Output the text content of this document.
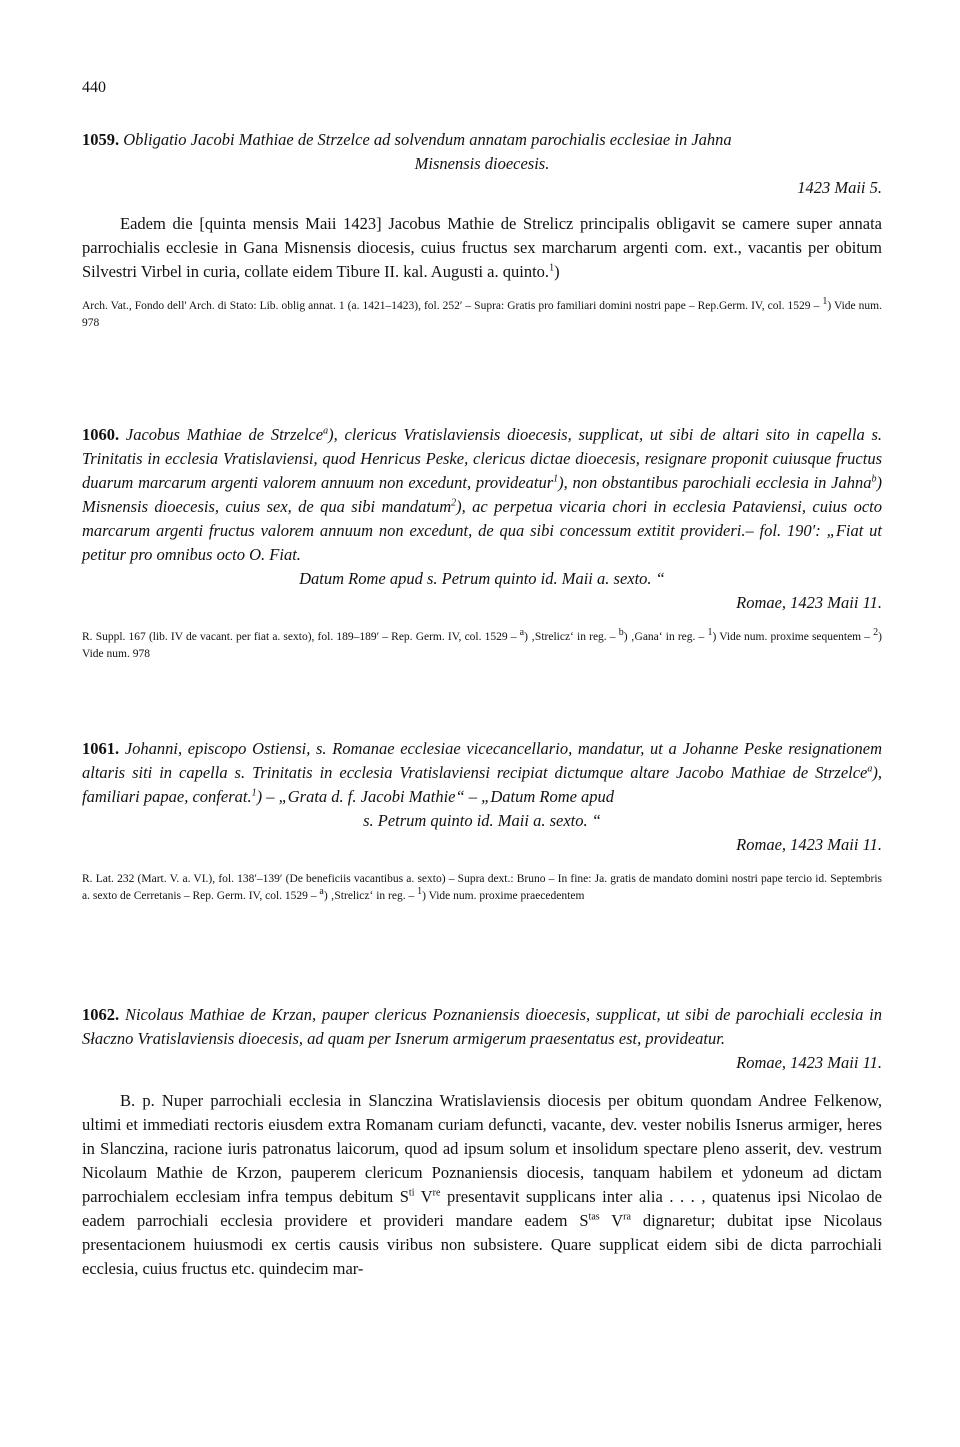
440

1059. Obligatio Jacobi Mathiae de Strzelce ad solvendum annatam parochialis ecclesiae in Jahna

Misnensis dioecesis.

1423 Maii 5.

Eadem die [quinta mensis Maii 1423] Jacobus Mathie de Strelicz principalis obligavit se camere super annata parrochialis ecclesie in Gana Misnensis diocesis, cuius fructus sex marcharum argenti com. ext., vacantis per obitum Silvestri Virbel in curia, collate eidem Tibure II. kal. Augusti a. quinto.$^1$)

Arch. Vat., Fondo dell' Arch. di Stato: Lib. oblig annat. 1 (a. 1421–1423), fol. 252′ – Supra: Gratis pro familiari domini nostri pape – Rep.Germ. IV, col. 1529 – $^1$) Vide num. 978

1060. Jacobus Mathiae de Strzelce$^a$), clericus Vratislaviensis dioecesis, supplicat, ut sibi de altari sito in capella s. Trinitatis in ecclesia Vratislaviensi, quod Henricus Peske, clericus dictae dioecesis, resignare proponit cuiusque fructus duarum marcarum argenti valorem annuum non excedunt, provideatur$^1$), non obstantibus parochiali ecclesia in Jahna$^b$) Misnensis dioecesis, cuius sex, de qua sibi mandatum$^2$), ac perpetua vicaria chori in ecclesia Pataviensi, cuius octo marcarum argenti fructus valorem annuum non excedunt, de qua sibi concessum extitit provideri.– fol. 190′: „Fiat ut petitur pro omnibus octo O. Fiat.

Datum Rome apud s. Petrum quinto id. Maii a. sexto. “

Romae, 1423 Maii 11.

R. Suppl. 167 (lib. IV de vacant. per fiat a. sexto), fol. 189–189′ – Rep. Germ. IV, col. 1529 – $^a$) ‚Strelicz‘ in reg. – $^b$) ‚Gana‘ in reg. – $^1$) Vide num. proxime sequentem – $^2$) Vide num. 978

1061. Johanni, episcopo Ostiensi, s. Romanae ecclesiae vicecancellario, mandatur, ut a Johanne Peske resignationem altaris siti in capella s. Trinitatis in ecclesia Vratislaviensi recipiat dictumque altare Jacobo Mathiae de Strzelce$^a$), familiari papae, conferat.$^1$) – „Grata d. f. Jacobi Mathie“ – „Datum Rome apud

s. Petrum quinto id. Maii a. sexto. “

Romae, 1423 Maii 11.

R. Lat. 232 (Mart. V. a. VI.), fol. 138′–139′ (De beneficiis vacantibus a. sexto) – Supra dext.: Bruno – In fine: Ja. gratis de mandato domini nostri pape tercio id. Septembris a. sexto de Cerretanis – Rep. Germ. IV, col. 1529 – $^a$) ‚Strelicz‘ in reg. – $^1$) Vide num. proxime praecedentem

1062. Nicolaus Mathiae de Krzan, pauper clericus Poznaniensis dioecesis, supplicat, ut sibi de parochiali ecclesia in Słaczno Vratislaviensis dioecesis, ad quam per Isnerum armigerum praesentatus est, provideatur.

Romae, 1423 Maii 11.

B. p. Nuper parrochiali ecclesia in Slanczina Wratislaviensis diocesis per obitum quondam Andree Felkenow, ultimi et immediati rectoris eiusdem extra Romanam curiam defuncti, vacante, dev. vester nobilis Isnerus armiger, heres in Slanczina, racione iuris patronatus laicorum, quod ad ipsum solum et insolidum spectare pleno asserit, dev. vestrum Nicolaum Mathie de Krzon, pauperem clericum Poznaniensis diocesis, tanquam habilem et ydoneum ad dictam parrochialem ecclesiam infra tempus debitum $S^{ti}$ Vre presentavit supplicans inter alia . . . , quatenus ipsi Nicolao de eadem parrochiali ecclesia providere et provideri mandare eadem $S^{tas}$ $V^{ra}$ dignaretur; dubitat ipse Nicolaus presentacionem huiusmodi ex certis causis viribus non subsistere. Quare supplicat eidem sibi de dicta parrochiali ecclesia, cuius fructus etc. quindecim mar-
